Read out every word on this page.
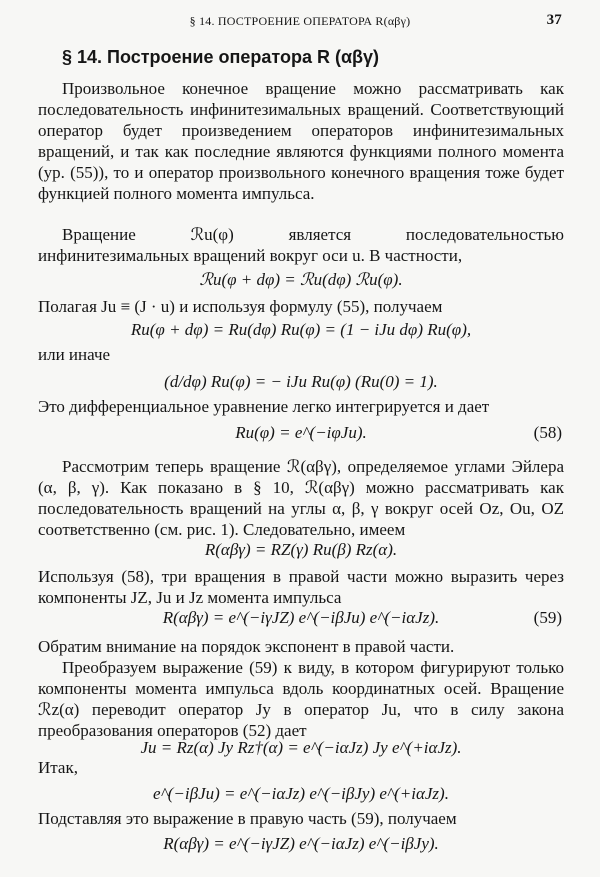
§ 14. ПОСТРОЕНИЕ ОПЕРАТОРА R(αβγ)	37
§ 14. Построение оператора R (αβγ)
Произвольное конечное вращение можно рассматривать как последовательность инфинитезимальных вращений. Соответствующий оператор будет произведением операторов инфинитезимальных вращений, и так как последние являются функциями полного момента (ур. (55)), то и оператор произвольного конечного вращения тоже будет функцией полного момента импульса.
Вращение ℛu(φ) является последовательностью инфинитезимальных вращений вокруг оси u. В частности,
ℛu(φ + dφ) = ℛu(dφ) ℛu(φ).
Полагая Ju ≡ (J · u) и используя формулу (55), получаем
Ru(φ + dφ) = Ru(dφ) Ru(φ) = (1 − iJu dφ) Ru(φ),
или иначе
(d/dφ) Ru(φ) = − iJu Ru(φ) (Ru(0) = 1).
Это дифференциальное уравнение легко интегрируется и дает
Ru(φ) = e^(−iφJu).	(58)
Рассмотрим теперь вращение ℛ(αβγ), определяемое углами Эйлера (α, β, γ). Как показано в § 10, ℛ(αβγ) можно рассматривать как последовательность вращений на углы α, β, γ вокруг осей Oz, Ou, OZ соответственно (см. рис. 1). Следовательно, имеем
R(αβγ) = RZ(γ) Ru(β) Rz(α).
Используя (58), три вращения в правой части можно выразить через компоненты JZ, Ju и Jz момента импульса
R(αβγ) = e^(−iγJZ) e^(−iβJu) e^(−iαJz).	(59)
Обратим внимание на порядок экспонент в правой части.
Преобразуем выражение (59) к виду, в котором фигурируют только компоненты момента импульса вдоль координатных осей. Вращение ℛz(α) переводит оператор Jy в оператор Ju, что в силу закона преобразования операторов (52) дает
Ju = Rz(α) Jy Rz†(α) = e^(−iαJz) Jy e^(+iαJz).
Итак,
e^(−iβJu) = e^(−iαJz) e^(−iβJy) e^(+iαJz).
Подставляя это выражение в правую часть (59), получаем
R(αβγ) = e^(−iγJZ) e^(−iαJz) e^(−iβJy).
